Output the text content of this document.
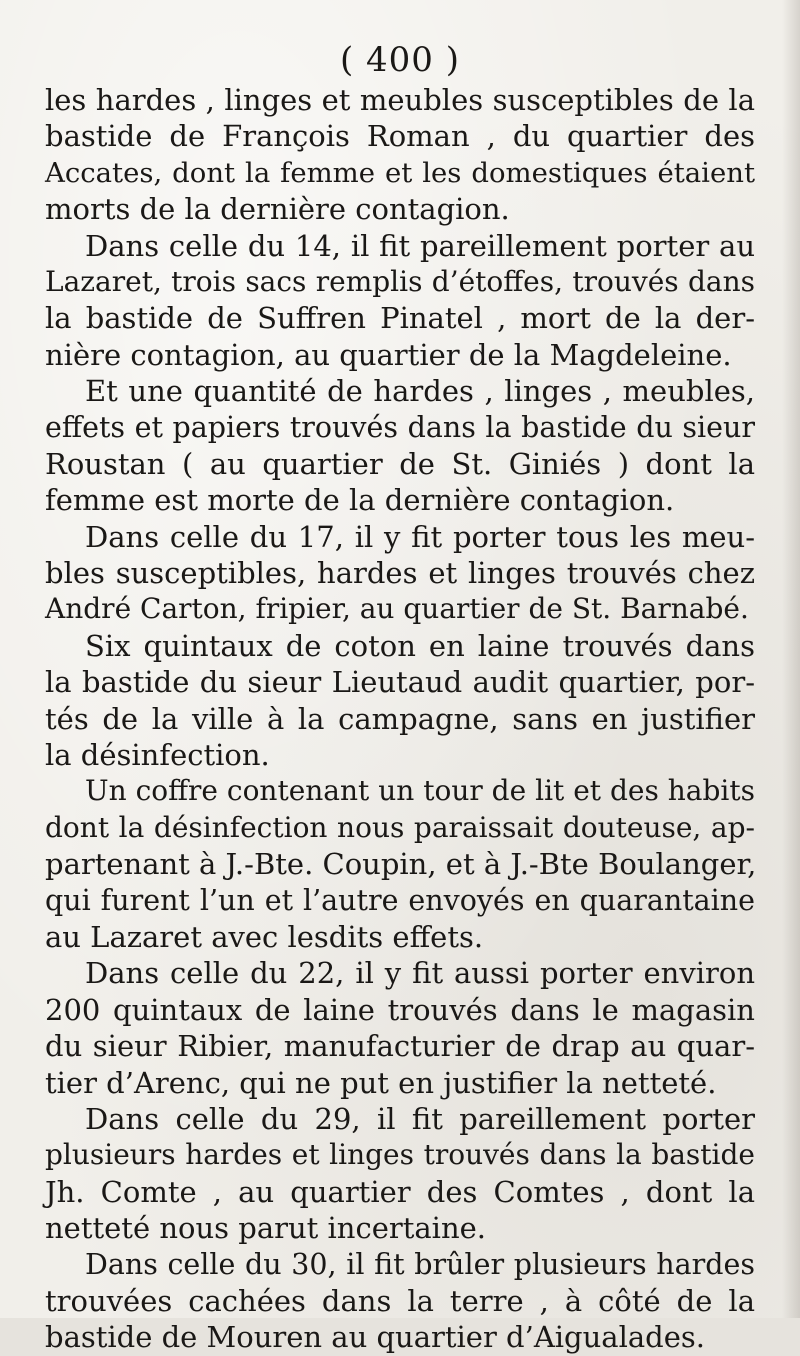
( 400 )
les hardes , linges et meubles susceptibles de la
bastide de François Roman , du quartier des
Accates, dont la femme et les domestiques étaient
morts de la dernière contagion.
Dans celle du 14, il fit pareillement porter au
Lazaret, trois sacs remplis d’étoffes, trouvés dans
la bastide de Suffren Pinatel , mort de la der-
nière contagion, au quartier de la Magdeleine.
Et une quantité de hardes , linges , meubles,
effets et papiers trouvés dans la bastide du sieur
Roustan ( au quartier de St. Giniés ) dont la
femme est morte de la dernière contagion.
Dans celle du 17, il y fit porter tous les meu-
bles susceptibles, hardes et linges trouvés chez
André Carton, fripier, au quartier de St. Barnabé.
Six quintaux de coton en laine trouvés dans
la bastide du sieur Lieutaud audit quartier, por-
tés de la ville à la campagne, sans en justifier
la désinfection.
Un coffre contenant un tour de lit et des habits
dont la désinfection nous paraissait douteuse, ap-
partenant à J.-Bte. Coupin, et à J.-Bte Boulanger,
qui furent l’un et l’autre envoyés en quarantaine
au Lazaret avec lesdits effets.
Dans celle du 22, il y fit aussi porter environ
200 quintaux de laine trouvés dans le magasin
du sieur Ribier, manufacturier de drap au quar-
tier d’Arenc, qui ne put en justifier la netteté.
Dans celle du 29, il fit pareillement porter
plusieurs hardes et linges trouvés dans la bastide
Jh. Comte , au quartier des Comtes , dont la
netteté nous parut incertaine.
Dans celle du 30, il fit brûler plusieurs hardes
trouvées cachées dans la terre , à côté de la
bastide de Mouren au quartier d’Aigualades.
